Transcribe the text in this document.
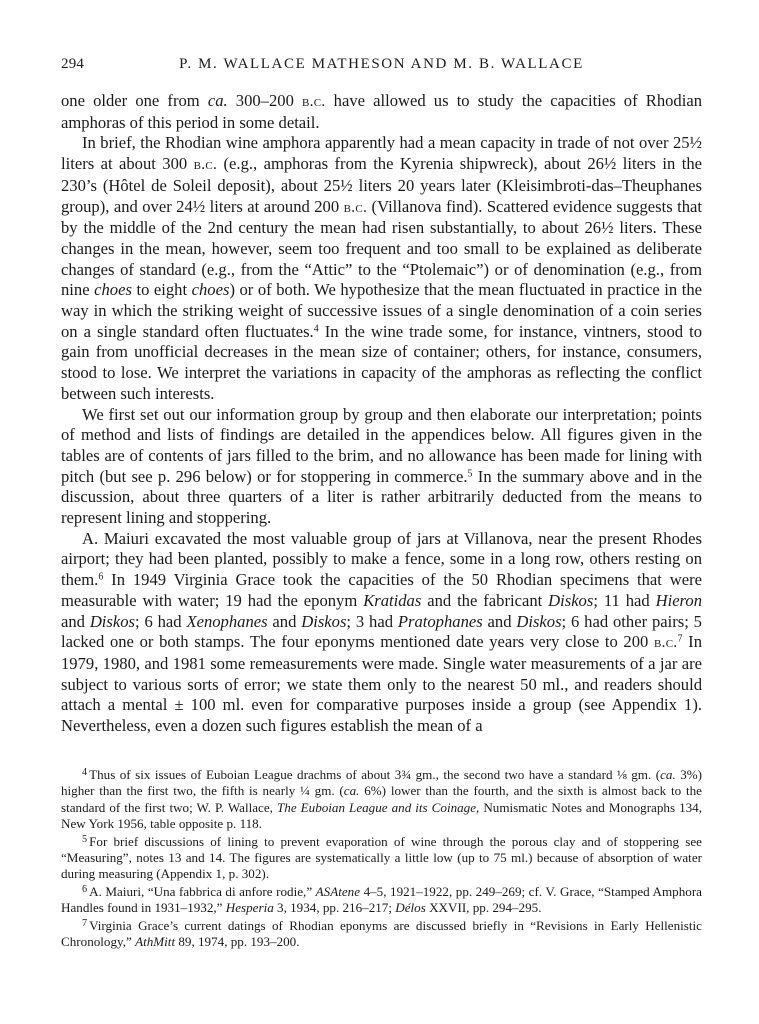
294	P. M. WALLACE MATHESON AND M. B. WALLACE

one older one from ca. 300–200 b.c. have allowed us to study the capacities of Rhodian amphoras of this period in some detail.

In brief, the Rhodian wine amphora apparently had a mean capacity in trade of not over 25½ liters at about 300 b.c. (e.g., amphoras from the Kyrenia shipwreck), about 26½ liters in the 230’s (Hôtel de Soleil deposit), about 25½ liters 20 years later (Kleisimbroti-das–Theuphanes group), and over 24½ liters at around 200 b.c. (Villanova find). Scattered evidence suggests that by the middle of the 2nd century the mean had risen substantially, to about 26½ liters. These changes in the mean, however, seem too frequent and too small to be explained as deliberate changes of standard (e.g., from the “Attic” to the “Ptolemaic”) or of denomination (e.g., from nine choes to eight choes) or of both. We hypothesize that the mean fluctuated in practice in the way in which the striking weight of successive issues of a single denomination of a coin series on a single standard often fluctuates.$^4$ In the wine trade some, for instance, vintners, stood to gain from unofficial decreases in the mean size of container; others, for instance, consumers, stood to lose. We interpret the variations in capacity of the amphoras as reflecting the conflict between such interests.

We first set out our information group by group and then elaborate our interpretation; points of method and lists of findings are detailed in the appendices below. All figures given in the tables are of contents of jars filled to the brim, and no allowance has been made for lining with pitch (but see p. 296 below) or for stoppering in commerce.$^5$ In the summary above and in the discussion, about three quarters of a liter is rather arbitrarily deducted from the means to represent lining and stoppering.

A. Maiuri excavated the most valuable group of jars at Villanova, near the present Rhodes airport; they had been planted, possibly to make a fence, some in a long row, others resting on them.$^6$ In 1949 Virginia Grace took the capacities of the 50 Rhodian specimens that were measurable with water; 19 had the eponym Kratidas and the fabricant Diskos; 11 had Hieron and Diskos; 6 had Xenophanes and Diskos; 3 had Pratophanes and Diskos; 6 had other pairs; 5 lacked one or both stamps. The four eponyms mentioned date years very close to 200 b.c.$^7$ In 1979, 1980, and 1981 some remeasurements were made. Single water measurements of a jar are subject to various sorts of error; we state them only to the nearest 50 ml., and readers should attach a mental ± 100 ml. even for comparative purposes inside a group (see Appendix 1). Nevertheless, even a dozen such figures establish the mean of a

$^4$ Thus of six issues of Euboian League drachms of about 3¾ gm., the second two have a standard ⅛ gm. (ca. 3%) higher than the first two, the fifth is nearly ¼ gm. (ca. 6%) lower than the fourth, and the sixth is almost back to the standard of the first two; W. P. Wallace, The Euboian League and its Coinage, Numismatic Notes and Monographs 134, New York 1956, table opposite p. 118.

$^5$ For brief discussions of lining to prevent evaporation of wine through the porous clay and of stoppering see “Measuring”, notes 13 and 14. The figures are systematically a little low (up to 75 ml.) because of absorption of water during measuring (Appendix 1, p. 302).

$^6$ A. Maiuri, “Una fabbrica di anfore rodie,” ASAtene 4–5, 1921–1922, pp. 249–269; cf. V. Grace, “Stamped Amphora Handles found in 1931–1932,” Hesperia 3, 1934, pp. 216–217; Délos XXVII, pp. 294–295.

$^7$ Virginia Grace’s current datings of Rhodian eponyms are discussed briefly in “Revisions in Early Hellenistic Chronology,” AthMitt 89, 1974, pp. 193–200.
